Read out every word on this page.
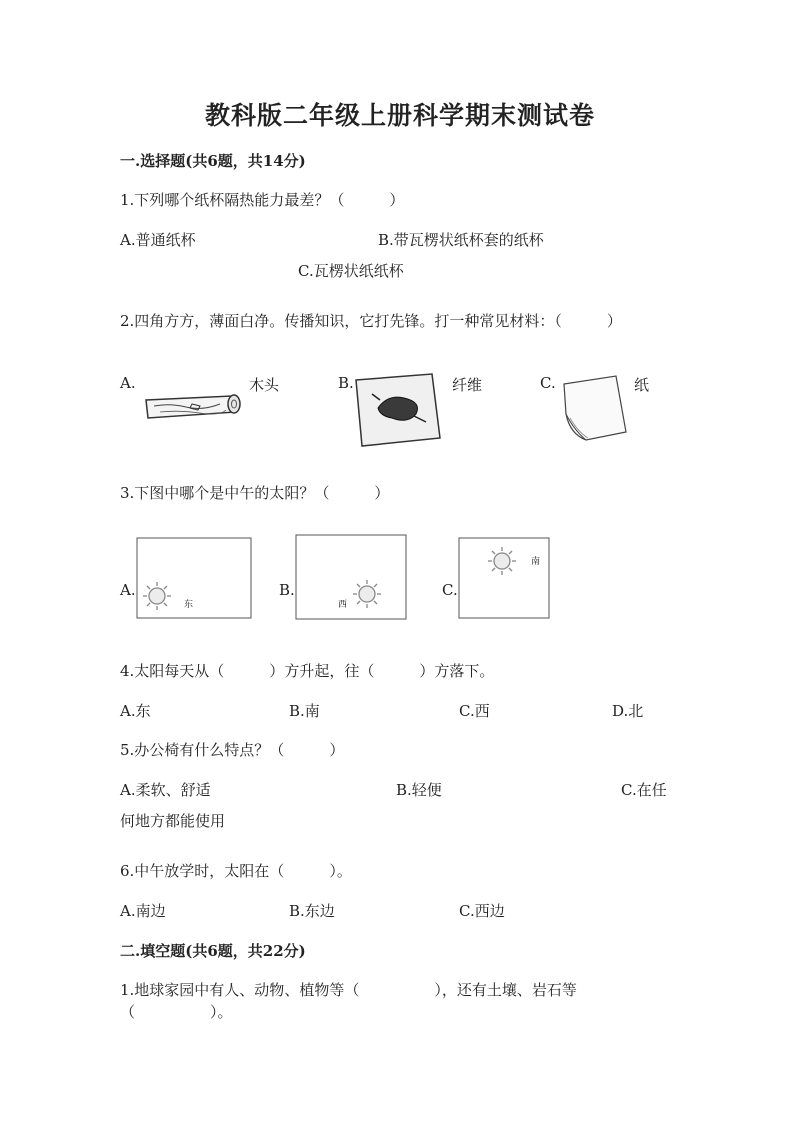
教科版二年级上册科学期末测试卷
一.选择题(共6题，共14分)
1.下列哪个纸杯隔热能力最差？（　　　）
A.普通纸杯	B.带瓦楞状纸杯套的纸杯
C.瓦楞状纸纸杯
2.四角方方，薄面白净。传播知识，它打先锋。打一种常见材料：（　　　）
A.	木头	B.	纤维	C.	纸
3.下图中哪个是中午的太阳？（　　　）
A.
东
B.
西
C.
南
4.太阳每天从（　　　）方升起，往（　　　）方落下。
A.东	B.南	C.西	D.北
5.办公椅有什么特点？（　　　）
A.柔软、舒适	B.轻便	C.在任
何地方都能使用
6.中午放学时，太阳在（　　　）。
A.南边	B.东边	C.西边
二.填空题(共6题，共22分)
1.地球家园中有人、动物、植物等（　　　　　），还有土壤、岩石等
（　　　　　）。
